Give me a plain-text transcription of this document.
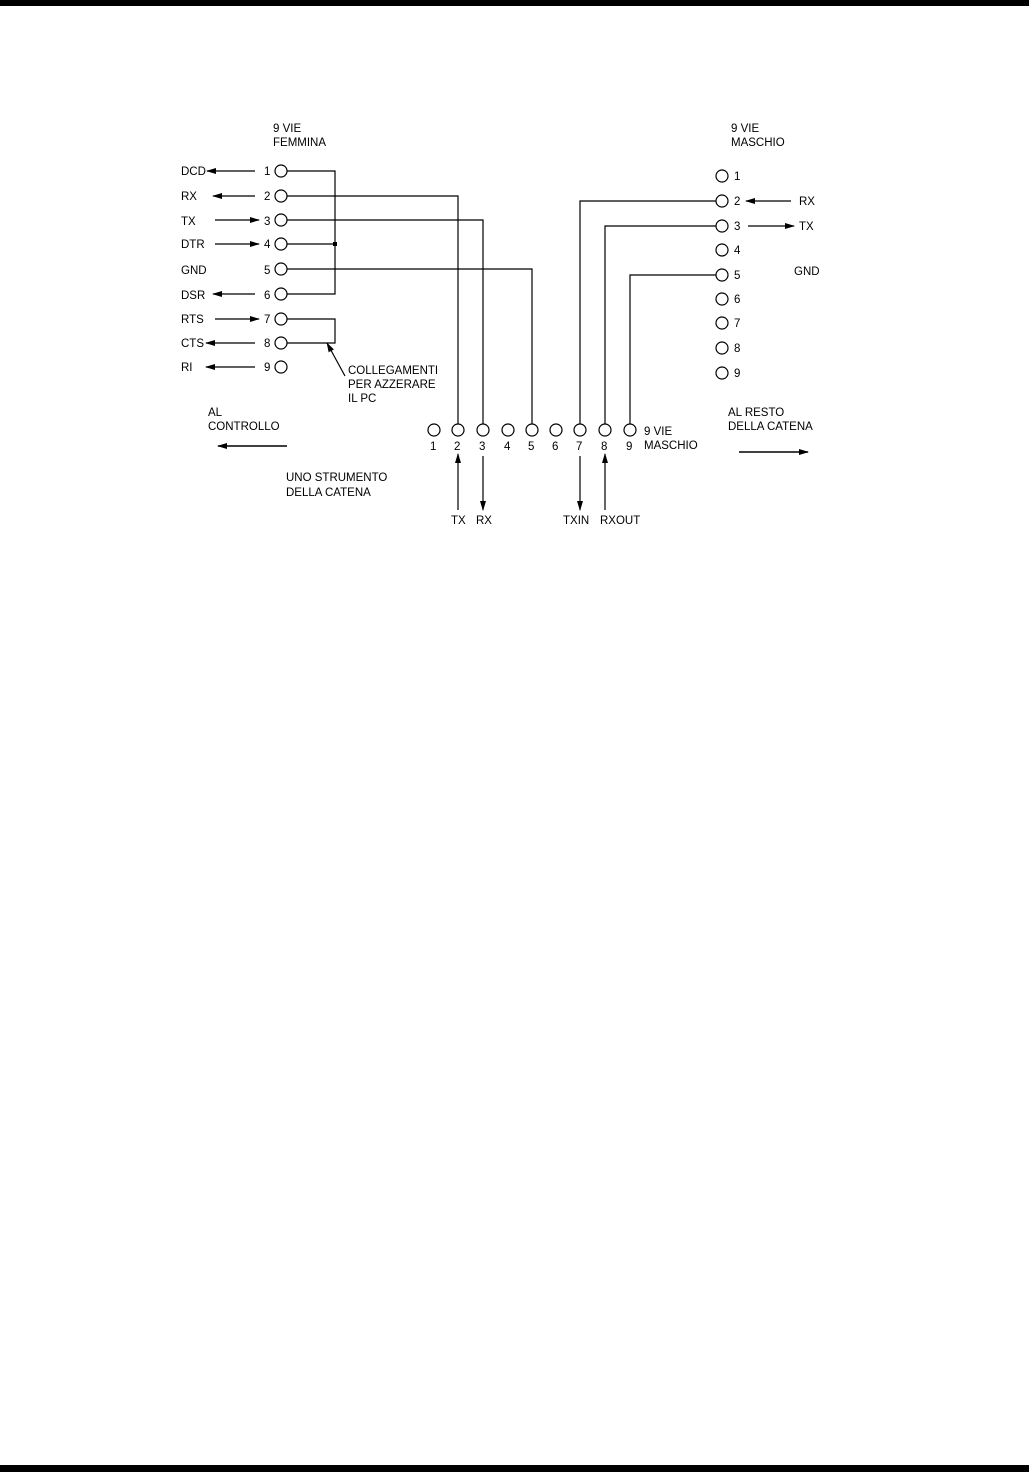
9 VIE
FEMMINA
DCD
RX
TX
DTR
GND
DSR
RTS
CTS
RI
1
2
3
4
5
6
7
8
9	COLLEGAMENTI
PER AZZERARE
IL PC
9 VIE
MASCHIO
1
2
3
4
5
6
7
8
9
RX
TX
GND
1 2 3 4 5 6 7 8 9
9 VIE
MASCHIO
TX RX	TXIN RXOUT
AL
CONTROLLO
AL RESTO
DELLA CATENA
UNO STRUMENTO
DELLA CATENA
